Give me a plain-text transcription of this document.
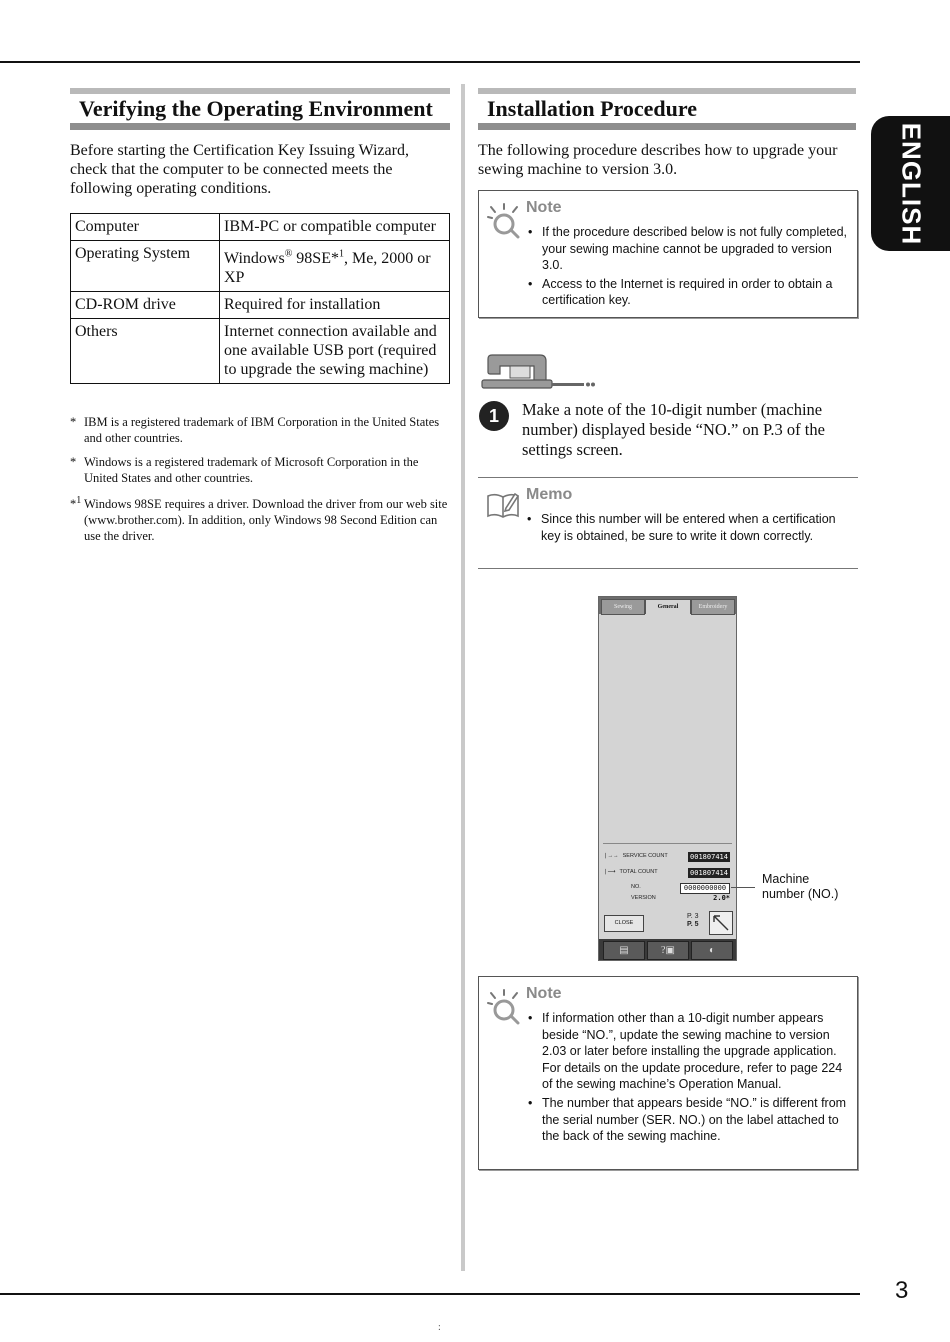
ENGLISH
Verifying the Operating Environment
Before starting the Certification Key Issuing Wizard, check that the computer to be connected meets the following operating conditions.
Computer	IBM-PC or compatible computer
Operating System	Windows® 98SE*$^1$, Me, 2000 or XP
CD-ROM drive	Required for installation
Others	Internet connection available and
one available USB port (required to upgrade the sewing machine)
* IBM is a registered trademark of IBM Corporation in the United States and other countries.
* Windows is a registered trademark of Microsoft Corporation in the United States and other countries.
*$^1$ Windows 98SE requires a driver. Download the driver from our web site (www.brother.com). In addition, only Windows 98 Second Edition can use the driver.
Installation Procedure
The following procedure describes how to upgrade your sewing machine to version 3.0.
Note
• If the procedure described below is not fully completed, your sewing machine cannot be upgraded to version 3.0.
• Access to the Internet is required in order to obtain a certification key.
1	Make a note of the 10-digit number (machine number) displayed beside “NO.” on P.3 of the settings screen.
Memo
• Since this number will be entered when a certification key is obtained, be sure to write it down correctly.
Sewing	General	Embroidery
❘→→ SERVICE COUNT	001807414
❘⟶ TOTAL COUNT	001807414
NO.	0000000000
VERSION	2.0*
CLOSE
P. 3
P. 5
▤	?▣	◐
Machine
number (NO.)
Note
• If information other than a 10-digit number appears beside “NO.”, update the sewing machine to version 2.03 or later before installing the upgrade application. For details on the update procedure, refer to page 224 of the sewing machine’s Operation Manual.
• The number that appears beside “NO.” is different from the serial number (SER. NO.) on the label attached to the back of the sewing machine.
3
:
